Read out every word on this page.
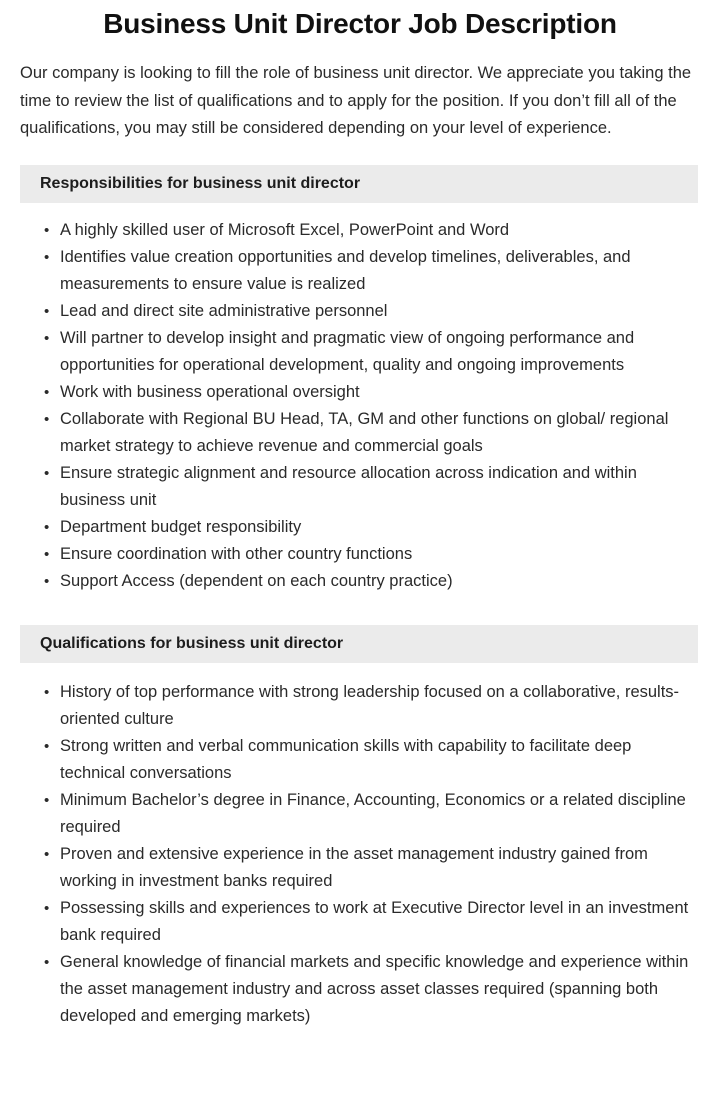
Business Unit Director Job Description

Our company is looking to fill the role of business unit director. We appreciate you taking the time to review the list of qualifications and to apply for the position. If you don’t fill all of the qualifications, you may still be considered depending on your level of experience.

Responsibilities for business unit director
• A highly skilled user of Microsoft Excel, PowerPoint and Word
• Identifies value creation opportunities and develop timelines, deliverables, and measurements to ensure value is realized
• Lead and direct site administrative personnel
• Will partner to develop insight and pragmatic view of ongoing performance and opportunities for operational development, quality and ongoing improvements
• Work with business operational oversight
• Collaborate with Regional BU Head, TA, GM and other functions on global/ regional market strategy to achieve revenue and commercial goals
• Ensure strategic alignment and resource allocation across indication and within business unit
• Department budget responsibility
• Ensure coordination with other country functions
• Support Access (dependent on each country practice)
Qualifications for business unit director
• History of top performance with strong leadership focused on a collaborative, results-oriented culture
• Strong written and verbal communication skills with capability to facilitate deep technical conversations
• Minimum Bachelor’s degree in Finance, Accounting, Economics or a related discipline required
• Proven and extensive experience in the asset management industry gained from working in investment banks required
• Possessing skills and experiences to work at Executive Director level in an investment bank required
• General knowledge of financial markets and specific knowledge and experience within the asset management industry and across asset classes required (spanning both developed and emerging markets)
